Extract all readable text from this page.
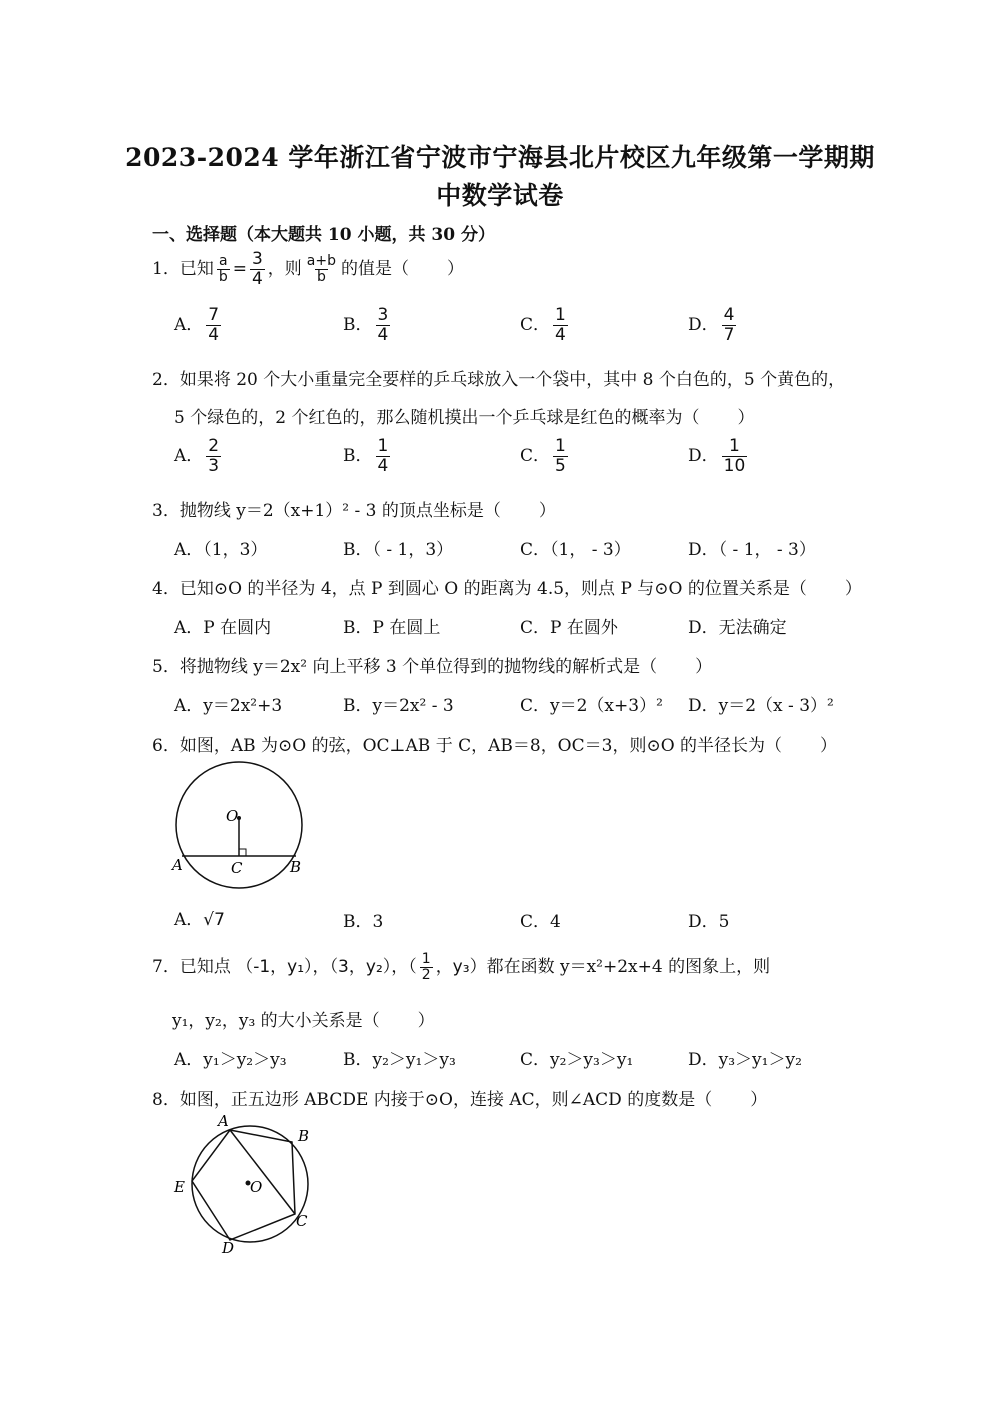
2023-2024 学年浙江省宁波市宁海县北片校区九年级第一学期期
中数学试卷
一、选择题（本大题共 10 小题，共 30 分）
1．已知 $\frac{a}{b} = \frac{3}{4}$ ，则 $\frac{a+b}{b}$ 的值是（ ）
A． $\frac{7}{4}$	B． $\frac{3}{4}$	C． $\frac{1}{4}$	D． $\frac{4}{7}$
2．如果将 20 个大小重量完全要样的乒乓球放入一个袋中，其中 8 个白色的，5 个黄色的，
5 个绿色的，2 个红色的，那么随机摸出一个乒乓球是红色的概率为（ ）
A． $\frac{2}{3}$	B． $\frac{1}{4}$	C． $\frac{1}{5}$	D． $\frac{1}{10}$
3．抛物线 y＝2（x+1）² - 3 的顶点坐标是（ ）
A．（1，3）	B．（ - 1，3）	C．（1， - 3）	D．（ - 1， - 3）
4．已知⊙O 的半径为 4，点 P 到圆心 O 的距离为 4.5，则点 P 与⊙O 的位置关系是（ ）
A．P 在圆内	B．P 在圆上	C．P 在圆外	D．无法确定
5．将抛物线 y＝2x² 向上平移 3 个单位得到的抛物线的解析式是（ ）
A．y＝2x²+3	B．y＝2x² - 3	C．y＝2（x+3）² D．y＝2（x - 3）²
6．如图，AB 为⊙O 的弦，OC⊥AB 于 C，AB＝8，OC＝3，则⊙O 的半径长为（ ）
O
A	B
C
A．√7	B．3	C．4	D．5
7．已知点 （-1，y₁），（3，y₂），（ $\frac{1}{2}$ ，y₃）都在函数 y＝x²+2x+4 的图象上，则
y₁，y₂，y₃ 的大小关系是（ ）
A．y₁＞y₂＞y₃	B．y₂＞y₁＞y₃	C．y₂＞y₃＞y₁	D．y₃＞y₁＞y₂
8．如图，正五边形 ABCDE 内接于⊙O，连接 AC，则∠ACD 的度数是（ ）
A
B
C
D
E	O
